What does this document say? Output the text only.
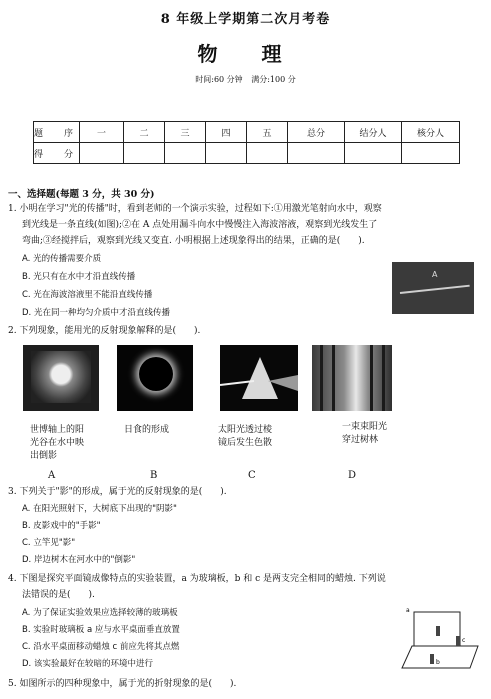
8 年级上学期第二次月考卷
物　理
时间:60 分钟 满分:100 分
题　序	一	二	三	四	五	总分	结分人	核分人
得　分								
一、选择题(每题 3 分，共 30 分)
1. 小明在学习"光的传播"时，看到老师的一个演示实验，过程如下:①用激光笔射向水中，观察
到光线是一条直线(如图);②在 A 点处用漏斗向水中慢慢注入海波溶液，观察到光线发生了
弯曲;③经搅拌后，观察到光线又变直. 小明根据上述现象得出的结果，正确的是(　　).
A. 光的传播需要介质
B. 光只有在水中才沿直线传播
C. 光在海波溶液里不能沿直线传播
D. 光在同一种均匀介质中才沿直线传播
A
2. 下列现象，能用光的反射现象解释的是(　　).
世博轴上的阳
光谷在水中映
出倒影
日食的形成	太阳光透过棱
镜后发生色散
一束束阳光
穿过树林
A	B	C	D
3. 下列关于"影"的形成，属于光的反射现象的是(　　).
A. 在阳光照射下，大树底下出现的"阴影"
B. 皮影戏中的"手影"
C. 立竿见"影"
D. 岸边树木在河水中的"倒影"
4. 下图是探究平面镜成像特点的实验装置，a 为玻璃板，b 和 c 是两支完全相同的蜡烛. 下列说
法错误的是(　　).
A. 为了保证实验效果应选择较薄的玻璃板
B. 实验时玻璃板 a 应与水平桌面垂直放置
C. 沿水平桌面移动蜡烛 c 前应先将其点燃
D. 该实验最好在较暗的环境中进行
a
b
c
5. 如图所示的四种现象中，属于光的折射现象的是(　　).
